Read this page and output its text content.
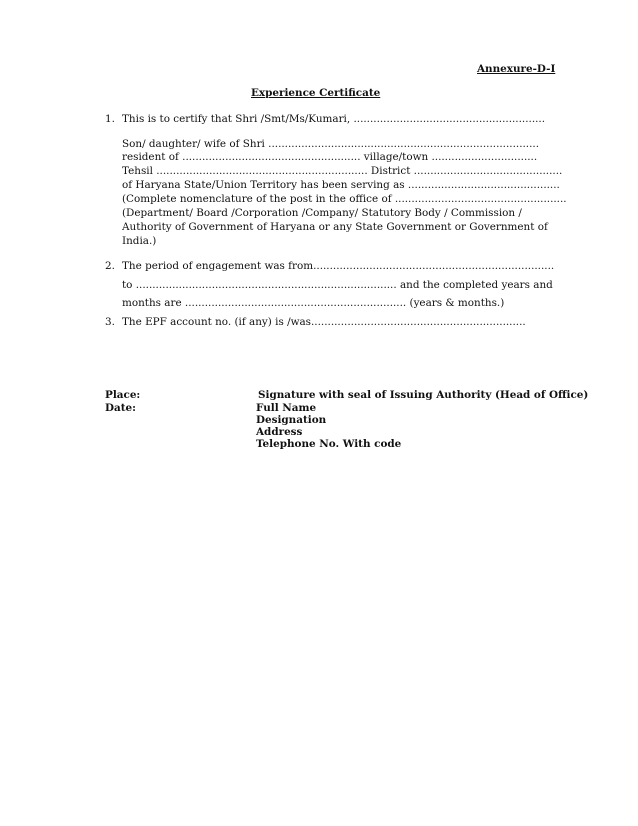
Annexure-D-I
Experience Certificate
1. This is to certify that Shri /Smt/Ms/Kumari, ..........................................................
Son/ daughter/ wife of Shri ..................................................................................
resident of ...................................................... village/town ................................
Tehsil ................................................................ District .............................................
of Haryana State/Union Territory has been serving as ..............................................
(Complete nomenclature of the post in the office of ....................................................
(Department/ Board /Corporation /Company/ Statutory Body / Commission /
Authority of Government of Haryana or any State Government or Government of
India.)
2. The period of engagement was from.........................................................................
to ............................................................................... and the completed years and
months are ................................................................... (years & months.)
3. The EPF account no. (if any) is /was.................................................................
Place:
Date:
Signature with seal of Issuing Authority (Head of Office)
Full Name
Designation
Address
Telephone No. With code
